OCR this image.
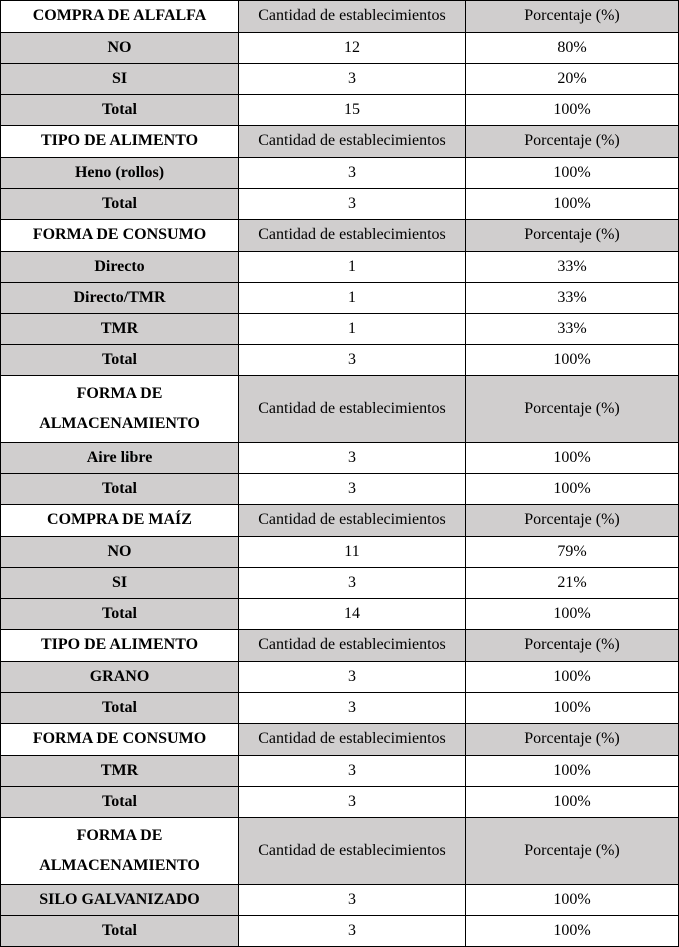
COMPRA DE ALFALFA	Cantidad de establecimientos	Porcentaje (%)
NO	12	80%
SI	3	20%
Total	15	100%
TIPO DE ALIMENTO	Cantidad de establecimientos	Porcentaje (%)
Heno (rollos)	3	100%
Total	3	100%
FORMA DE CONSUMO	Cantidad de establecimientos	Porcentaje (%)
Directo	1	33%
Directo/TMR	1	33%
TMR	1	33%
Total	3	100%
FORMA DE ALMACENAMIENTO	Cantidad de establecimientos	Porcentaje (%)
Aire libre	3	100%
Total	3	100%
COMPRA DE MAÍZ	Cantidad de establecimientos	Porcentaje (%)
NO	11	79%
SI	3	21%
Total	14	100%
TIPO DE ALIMENTO	Cantidad de establecimientos	Porcentaje (%)
GRANO	3	100%
Total	3	100%
FORMA DE CONSUMO	Cantidad de establecimientos	Porcentaje (%)
TMR	3	100%
Total	3	100%
FORMA DE ALMACENAMIENTO	Cantidad de establecimientos	Porcentaje (%)
SILO GALVANIZADO	3	100%
Total	3	100%
